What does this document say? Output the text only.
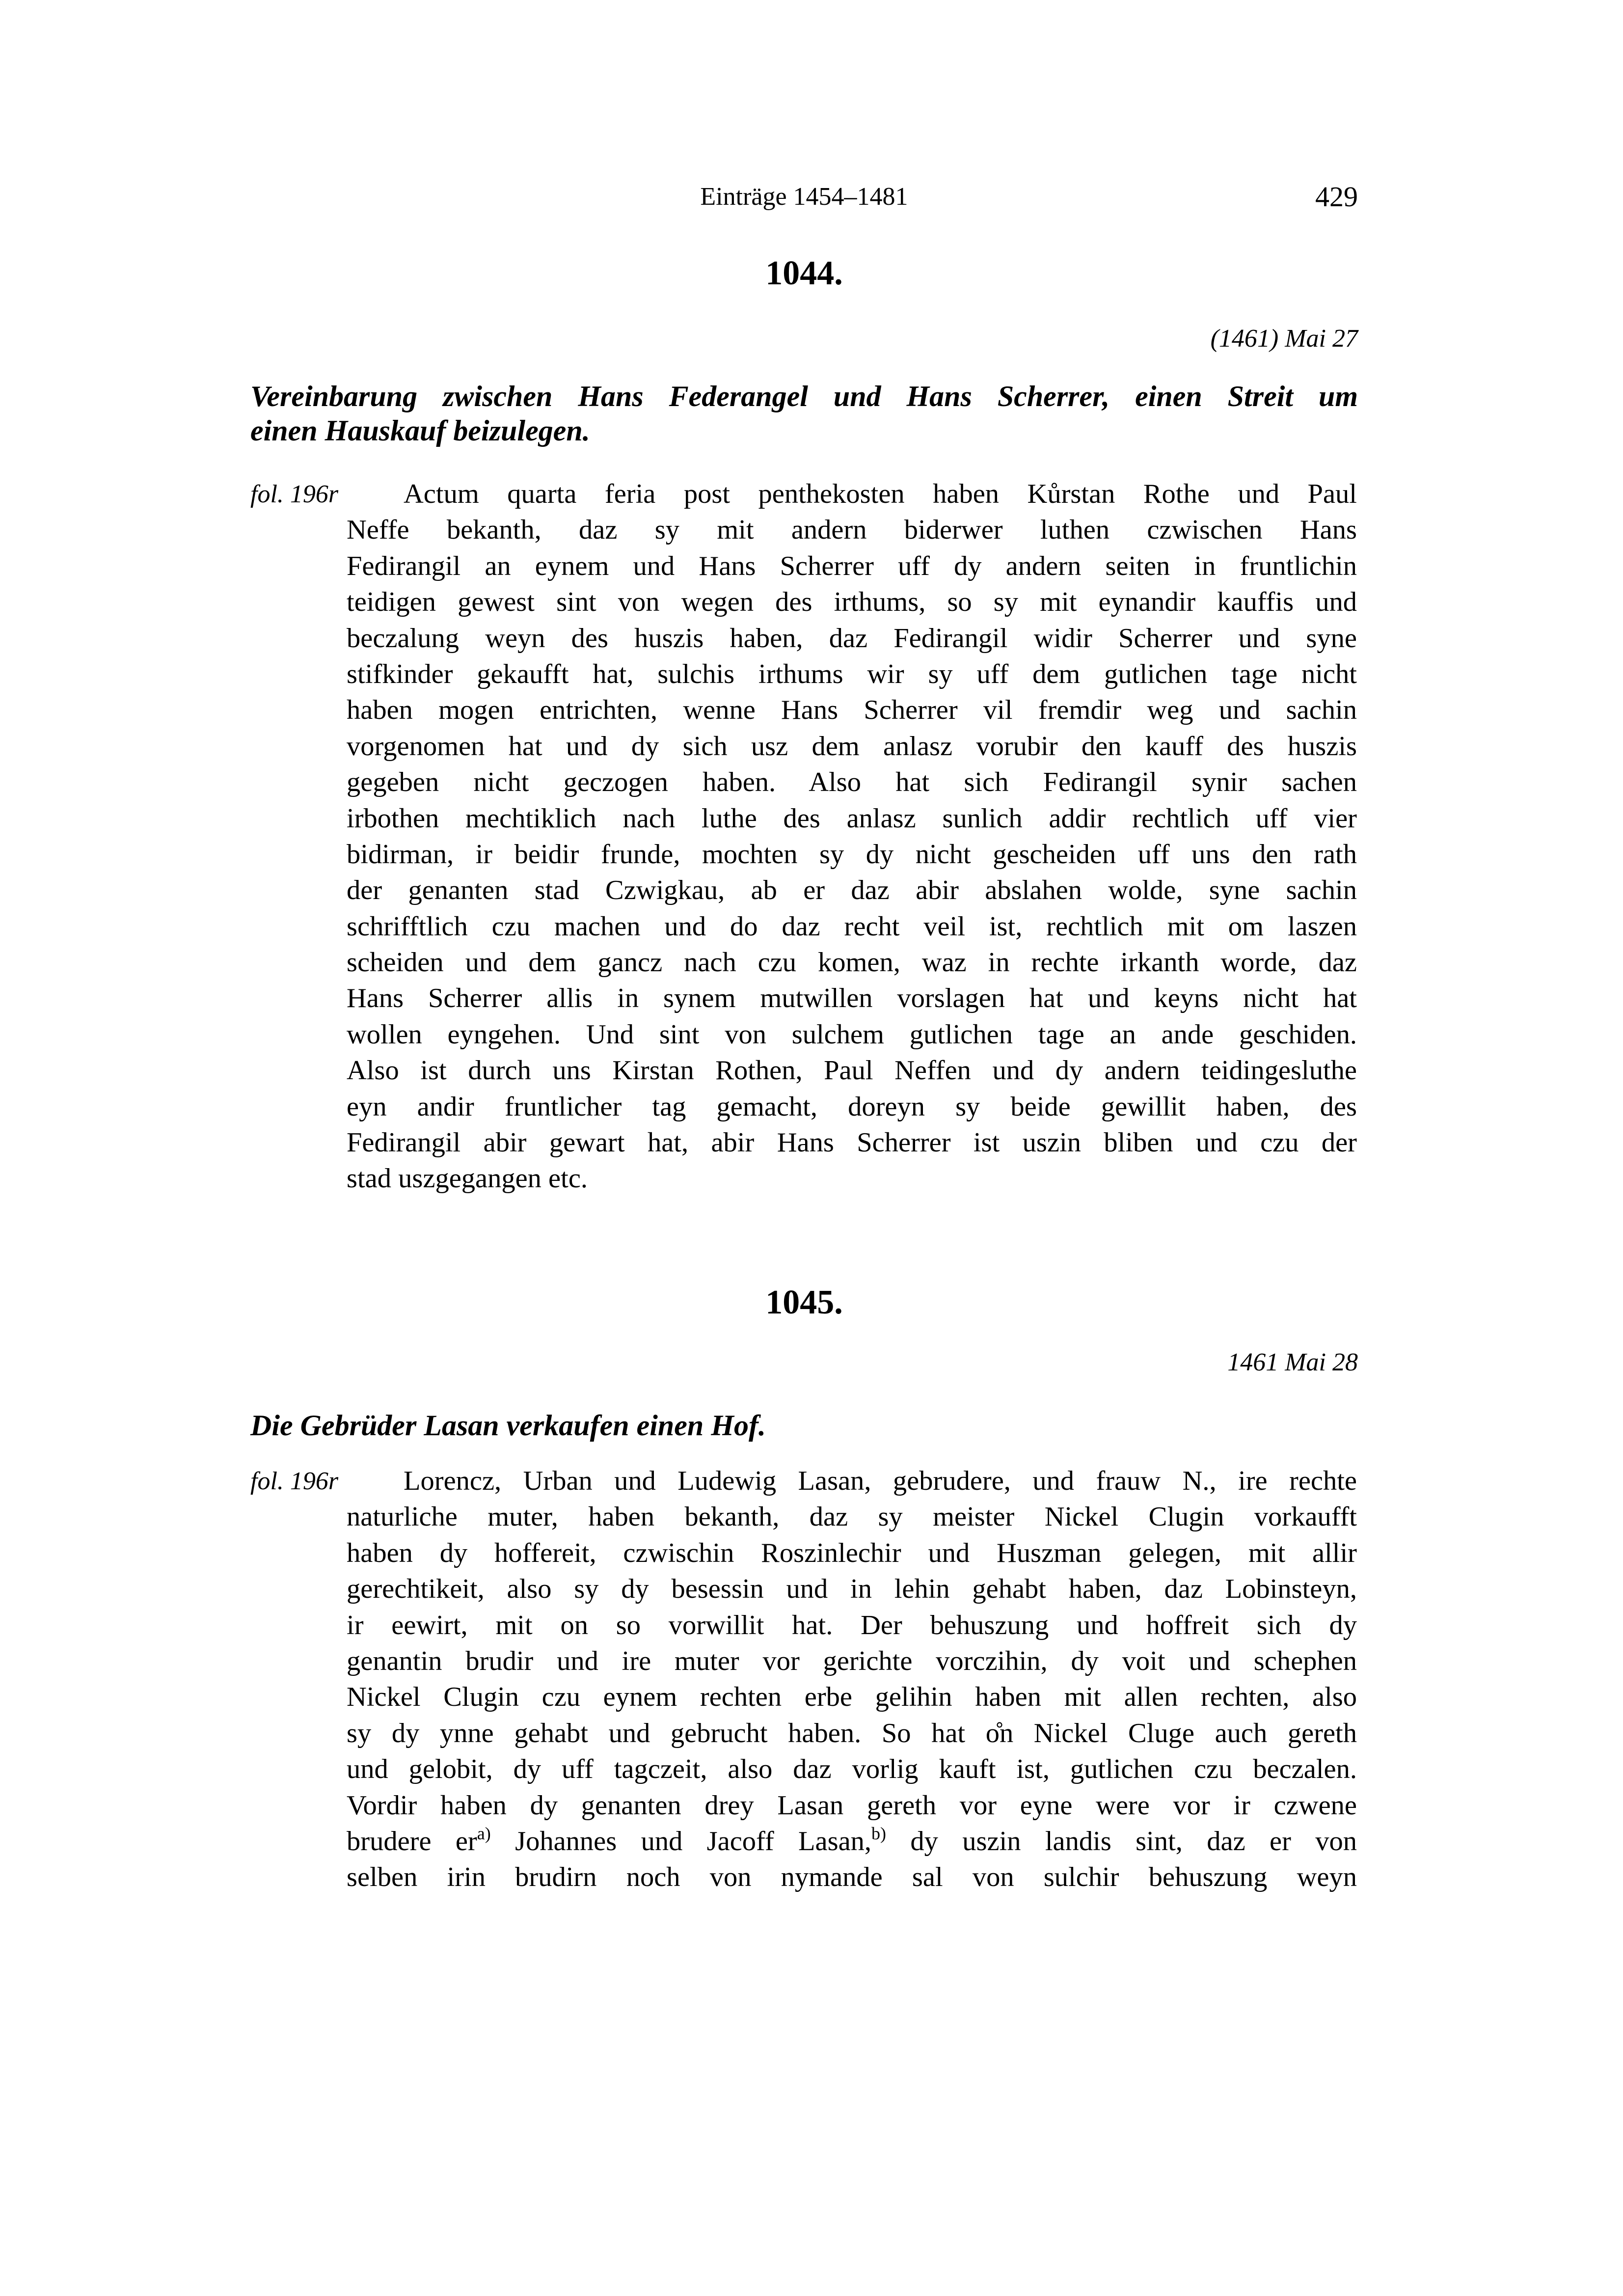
Einträge 1454–1481	429
1044.
(1461) Mai 27
Vereinbarung zwischen Hans Federangel und Hans Scherrer, einen Streit um
einen Hauskauf beizulegen.
fol. 196r	Actum quarta feria post penthekosten haben Kůrstan Rothe und Paul
Neffe bekanth, daz sy mit andern biderwer luthen czwischen Hans
Fedirangil an eynem und Hans Scherrer uff dy andern seiten in fruntlichin
teidigen gewest sint von wegen des irthums, so sy mit eynandir kauffis und
beczalung weyn des huszis haben, daz Fedirangil widir Scherrer und syne
stifkinder gekaufft hat, sulchis irthums wir sy uff dem gutlichen tage nicht
haben mogen entrichten, wenne Hans Scherrer vil fremdir weg und sachin
vorgenomen hat und dy sich usz dem anlasz vorubir den kauff des huszis
gegeben nicht geczogen haben. Also hat sich Fedirangil synir sachen
irbothen mechtiklich nach luthe des anlasz sunlich addir rechtlich uff vier
bidirman, ir beidir frunde, mochten sy dy nicht gescheiden uff uns den rath
der genanten stad Czwigkau, ab er daz abir abslahen wolde, syne sachin
schrifftlich czu machen und do daz recht veil ist, rechtlich mit om laszen
scheiden und dem gancz nach czu komen, waz in rechte irkanth worde, daz
Hans Scherrer allis in synem mutwillen vorslagen hat und keyns nicht hat
wollen eyngehen. Und sint von sulchem gutlichen tage an ande geschiden.
Also ist durch uns Kirstan Rothen, Paul Neffen und dy andern teidingesluthe
eyn andir fruntlicher tag gemacht, doreyn sy beide gewillit haben, des
Fedirangil abir gewart hat, abir Hans Scherrer ist uszin bliben und czu der
stad uszgegangen etc.
1045.
1461 Mai 28
Die Gebrüder Lasan verkaufen einen Hof.
fol. 196r	Lorencz, Urban und Ludewig Lasan, gebrudere, und frauw N., ire rechte
naturliche muter, haben bekanth, daz sy meister Nickel Clugin vorkaufft
haben dy hoffereit, czwischin Roszinlechir und Huszman gelegen, mit allir
gerechtikeit, also sy dy besessin und in lehin gehabt haben, daz Lobinsteyn,
ir eewirt, mit on so vorwillit hat. Der behuszung und hoffreit sich dy
genantin brudir und ire muter vor gerichte vorczihin, dy voit und schephen
Nickel Clugin czu eynem rechten erbe gelihin haben mit allen rechten, also
sy dy ynne gehabt und gebrucht haben. So hat o̊n Nickel Cluge auch gereth
und gelobit, dy uff tagczeit, also daz vorlig kauft ist, gutlichen czu beczalen.
Vordir haben dy genanten drey Lasan gereth vor eyne were vor ir czwene
brudere er$^{a)}$ Johannes und Jacoff Lasan,$^{b)}$ dy uszin landis sint, daz er von
selben irin brudirn noch von nymande sal von sulchir behuszung weyn
